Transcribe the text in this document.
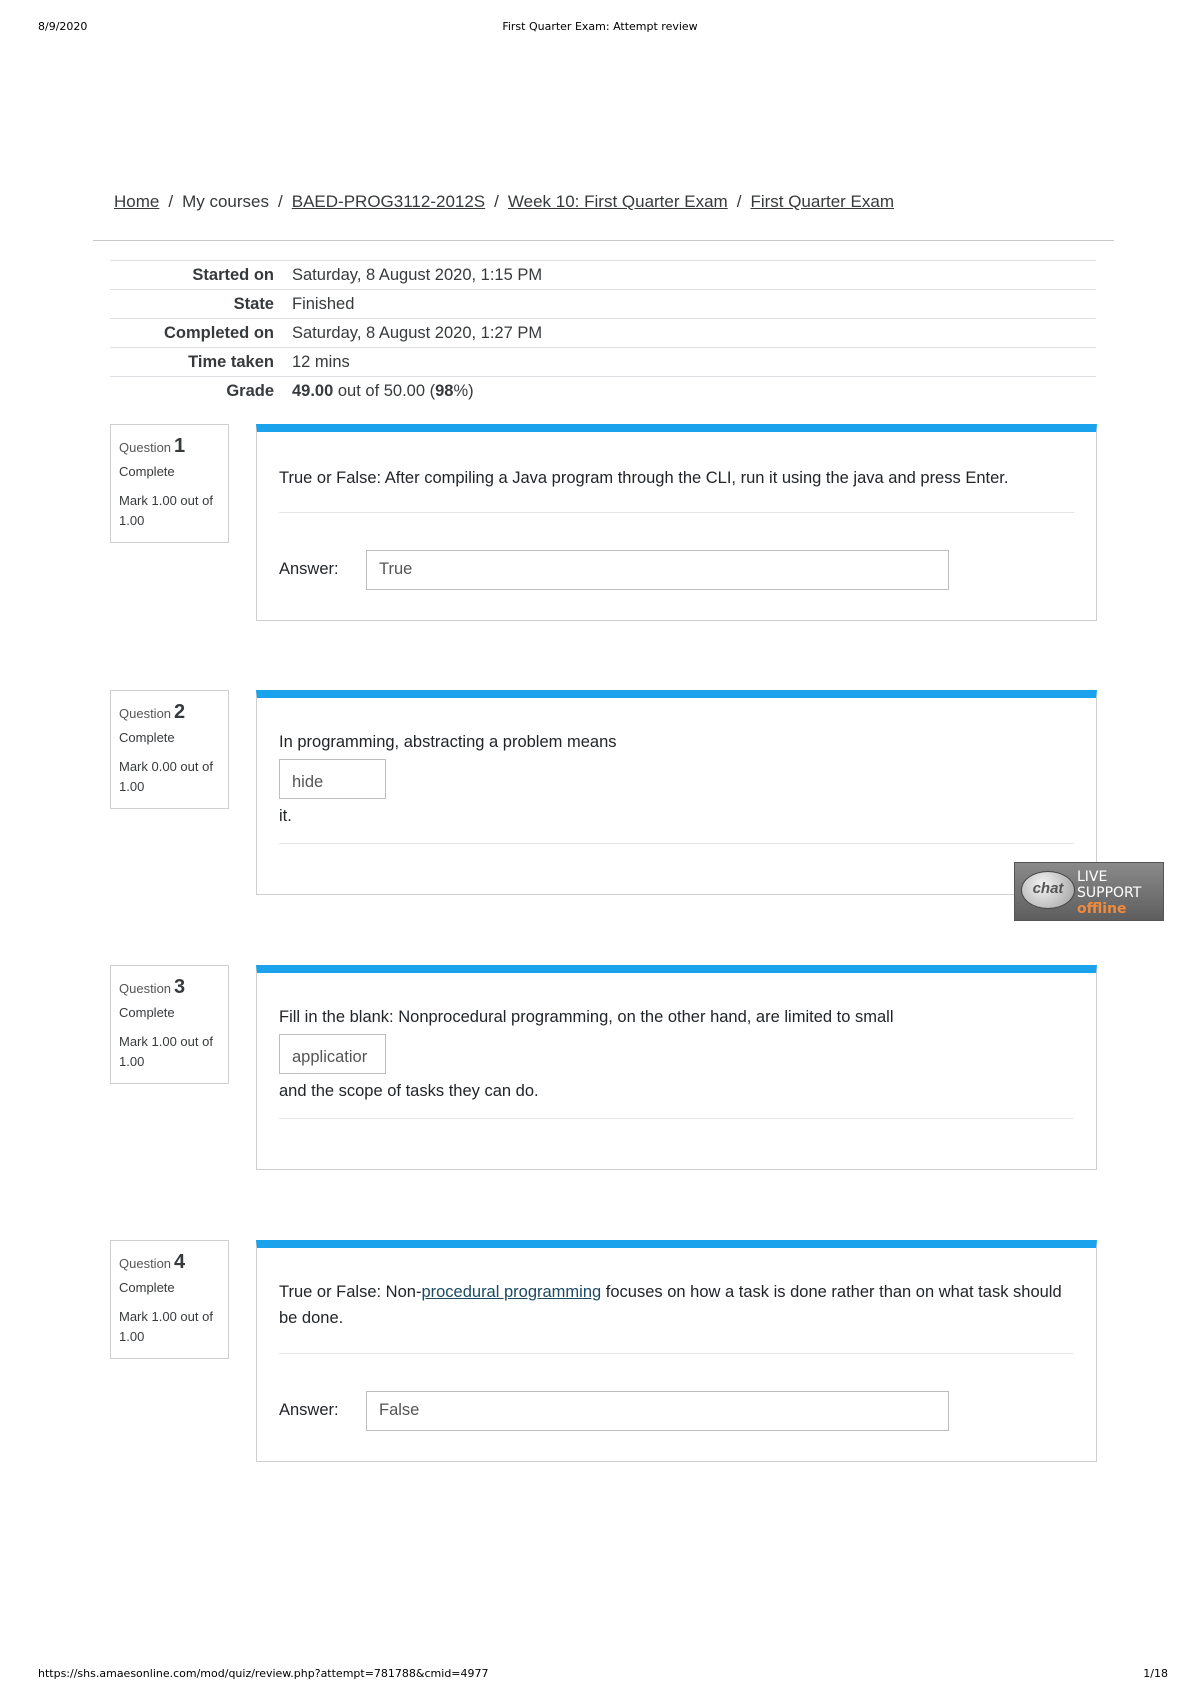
8/9/2020	First Quarter Exam: Attempt review
Home / My courses / BAED-PROG3112-2012S / Week 10: First Quarter Exam / First Quarter Exam
Started on	Saturday, 8 August 2020, 1:15 PM
State	Finished
Completed on	Saturday, 8 August 2020, 1:27 PM
Time taken	12 mins
Grade	49.00 out of 50.00 (98%)
Question 1
Complete
Mark 1.00 out of 1.00
True or False: After compiling a Java program through the CLI, run it using the java and press Enter.
Answer:	True
Question 2
Complete
Mark 0.00 out of 1.00
In programming, abstracting a problem means
hide
it.
Question 3
Complete
Mark 1.00 out of 1.00
Fill in the blank: Nonprocedural programming, on the other hand, are limited to small
applicatior
and the scope of tasks they can do.
Question 4
Complete
Mark 1.00 out of 1.00
True or False: Non-procedural programming focuses on how a task is done rather than on what task should be done.
Answer:	False
chat
LIVE
SUPPORT
offline
https://shs.amaesonline.com/mod/quiz/review.php?attempt=781788&cmid=4977	1/18
